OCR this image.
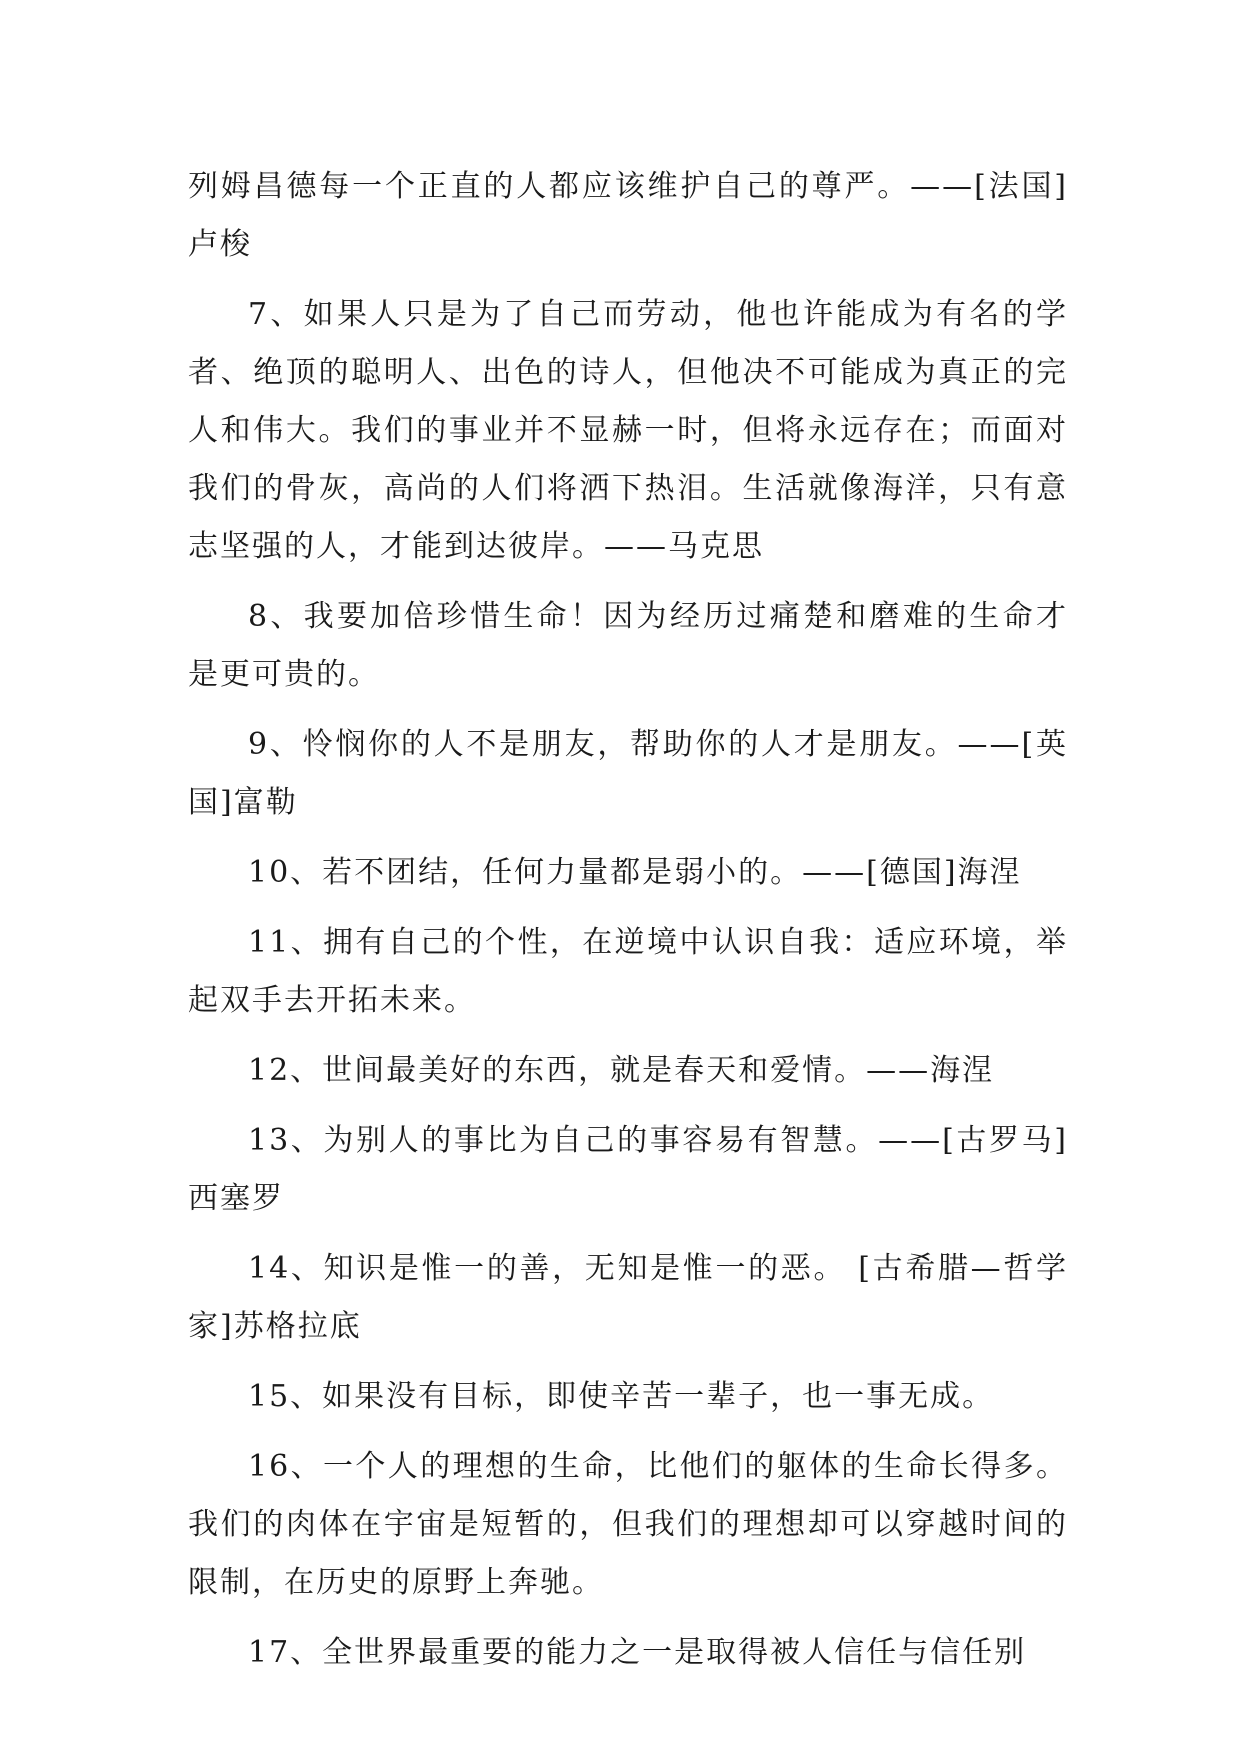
列姆昌德每一个正直的人都应该维护自己的尊严。——[法国]卢梭

7、如果人只是为了自己而劳动，他也许能成为有名的学者、绝顶的聪明人、出色的诗人，但他决不可能成为真正的完人和伟大。我们的事业并不显赫一时，但将永远存在；而面对我们的骨灰，高尚的人们将洒下热泪。生活就像海洋，只有意志坚强的人，才能到达彼岸。——马克思

8、我要加倍珍惜生命！因为经历过痛楚和磨难的生命才是更可贵的。

9、怜悯你的人不是朋友，帮助你的人才是朋友。——[英国]富勒

10、若不团结，任何力量都是弱小的。——[德国]海涅

11、拥有自己的个性，在逆境中认识自我：适应环境，举起双手去开拓未来。

12、世间最美好的东西，就是春天和爱情。——海涅

13、为别人的事比为自己的事容易有智慧。——[古罗马]西塞罗

14、知识是惟一的善，无知是惟一的恶。 [古希腊—哲学家]苏格拉底

15、如果没有目标，即使辛苦一辈子，也一事无成。

16、一个人的理想的生命，比他们的躯体的生命长得多。我们的肉体在宇宙是短暂的，但我们的理想却可以穿越时间的限制，在历史的原野上奔驰。

17、全世界最重要的能力之一是取得被人信任与信任别
